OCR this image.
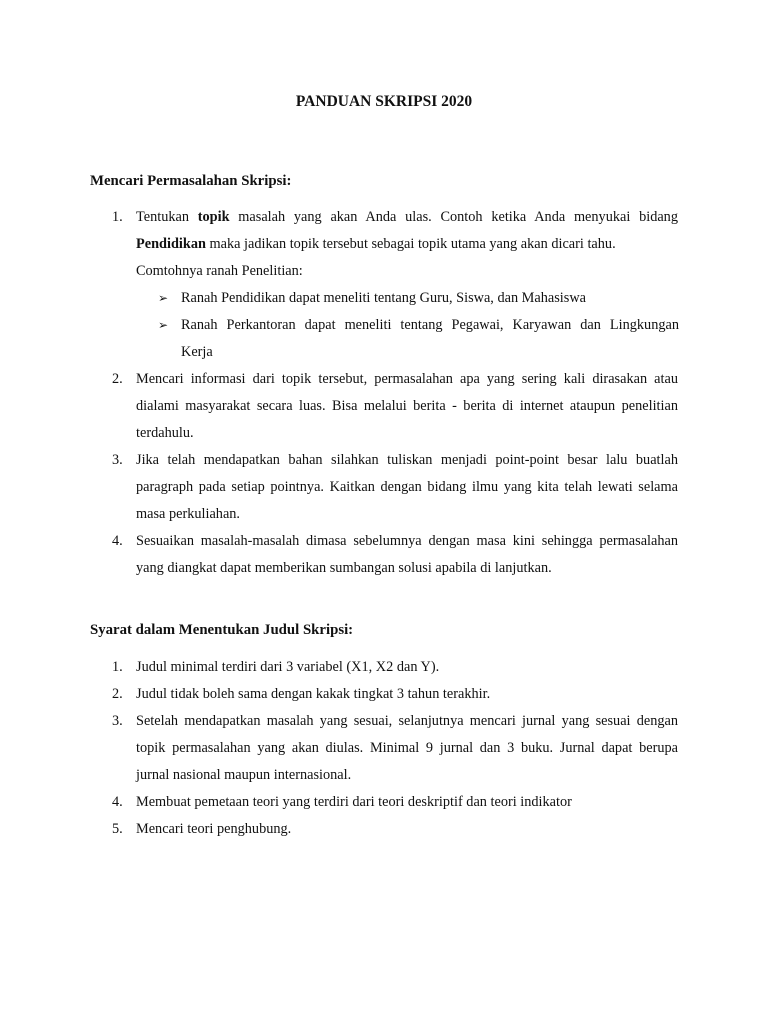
PANDUAN SKRIPSI 2020
Mencari Permasalahan Skripsi:
1. Tentukan topik masalah yang akan Anda ulas. Contoh ketika Anda menyukai bidang
Pendidikan maka jadikan topik tersebut sebagai topik utama yang akan dicari tahu.
Comtohnya ranah Penelitian:
➢ Ranah Pendidikan dapat meneliti tentang Guru, Siswa, dan Mahasiswa
➢ Ranah Perkantoran dapat meneliti tentang Pegawai, Karyawan dan Lingkungan
Kerja
2. Mencari informasi dari topik tersebut, permasalahan apa yang sering kali dirasakan atau
dialami masyarakat secara luas. Bisa melalui berita - berita di internet ataupun penelitian
terdahulu.
3. Jika telah mendapatkan bahan silahkan tuliskan menjadi point-point besar lalu buatlah
paragraph pada setiap pointnya. Kaitkan dengan bidang ilmu yang kita telah lewati selama
masa perkuliahan.
4. Sesuaikan masalah-masalah dimasa sebelumnya dengan masa kini sehingga permasalahan
yang diangkat dapat memberikan sumbangan solusi apabila di lanjutkan.
Syarat dalam Menentukan Judul Skripsi:
1. Judul minimal terdiri dari 3 variabel (X1, X2 dan Y).
2. Judul tidak boleh sama dengan kakak tingkat 3 tahun terakhir.
3. Setelah mendapatkan masalah yang sesuai, selanjutnya mencari jurnal yang sesuai dengan
topik permasalahan yang akan diulas. Minimal 9 jurnal dan 3 buku. Jurnal dapat berupa
jurnal nasional maupun internasional.
4. Membuat pemetaan teori yang terdiri dari teori deskriptif dan teori indikator
5. Mencari teori penghubung.
